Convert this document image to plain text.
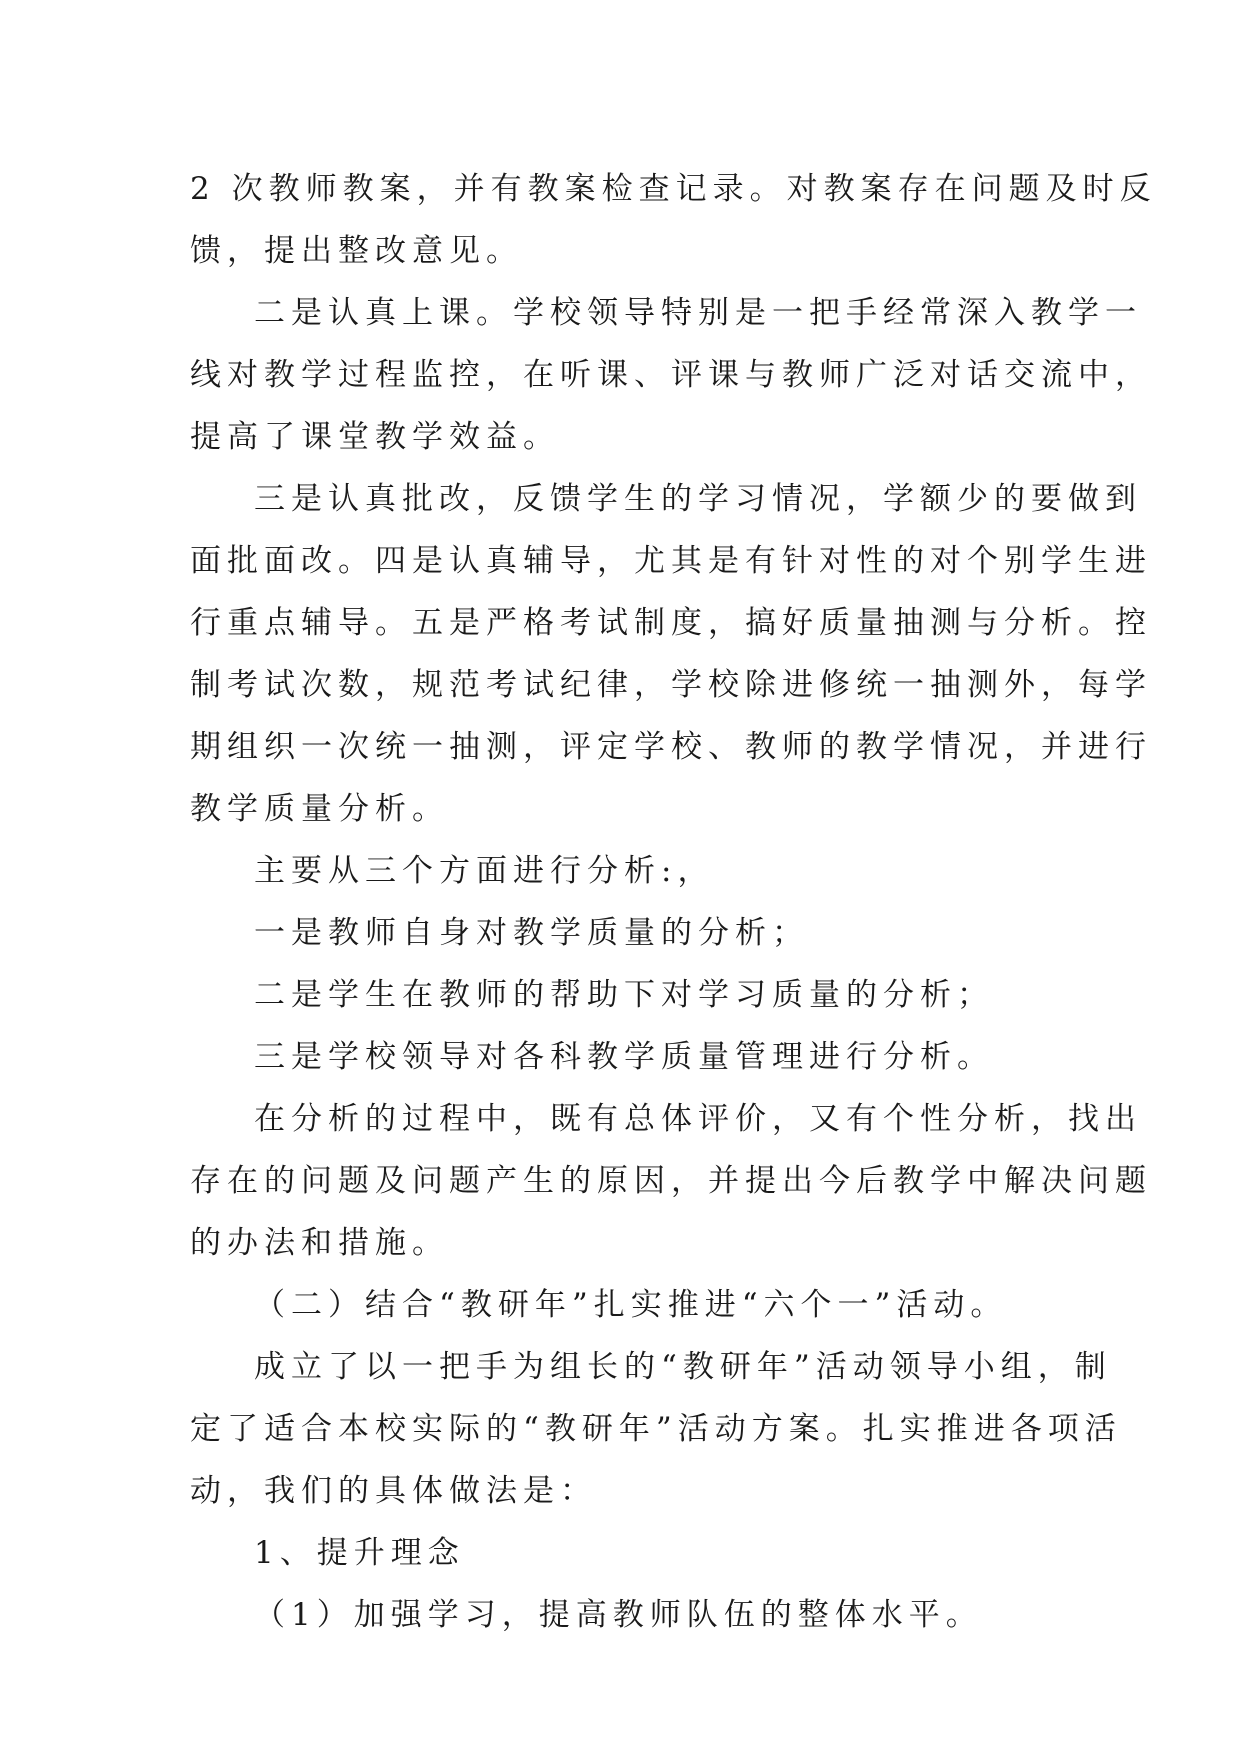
2 次教师教案，并有教案检查记录。对教案存在问题及时反
馈，提出整改意见。
二是认真上课。学校领导特别是一把手经常深入教学一
线对教学过程监控，在听课、评课与教师广泛对话交流中，
提高了课堂教学效益。
三是认真批改，反馈学生的学习情况，学额少的要做到
面批面改。四是认真辅导，尤其是有针对性的对个别学生进
行重点辅导。五是严格考试制度，搞好质量抽测与分析。控
制考试次数，规范考试纪律，学校除进修统一抽测外，每学
期组织一次统一抽测，评定学校、教师的教学情况，并进行
教学质量分析。
主要从三个方面进行分析:，
一是教师自身对教学质量的分析；
二是学生在教师的帮助下对学习质量的分析；
三是学校领导对各科教学质量管理进行分析。
在分析的过程中，既有总体评价，又有个性分析，找出
存在的问题及问题产生的原因，并提出今后教学中解决问题
的办法和措施。
（二）结合“教研年”扎实推进“六个一”活动。
成立了以一把手为组长的“教研年”活动领导小组，制
定了适合本校实际的“教研年”活动方案。扎实推进各项活
动，我们的具体做法是：
1、提升理念
（1）加强学习，提高教师队伍的整体水平。
